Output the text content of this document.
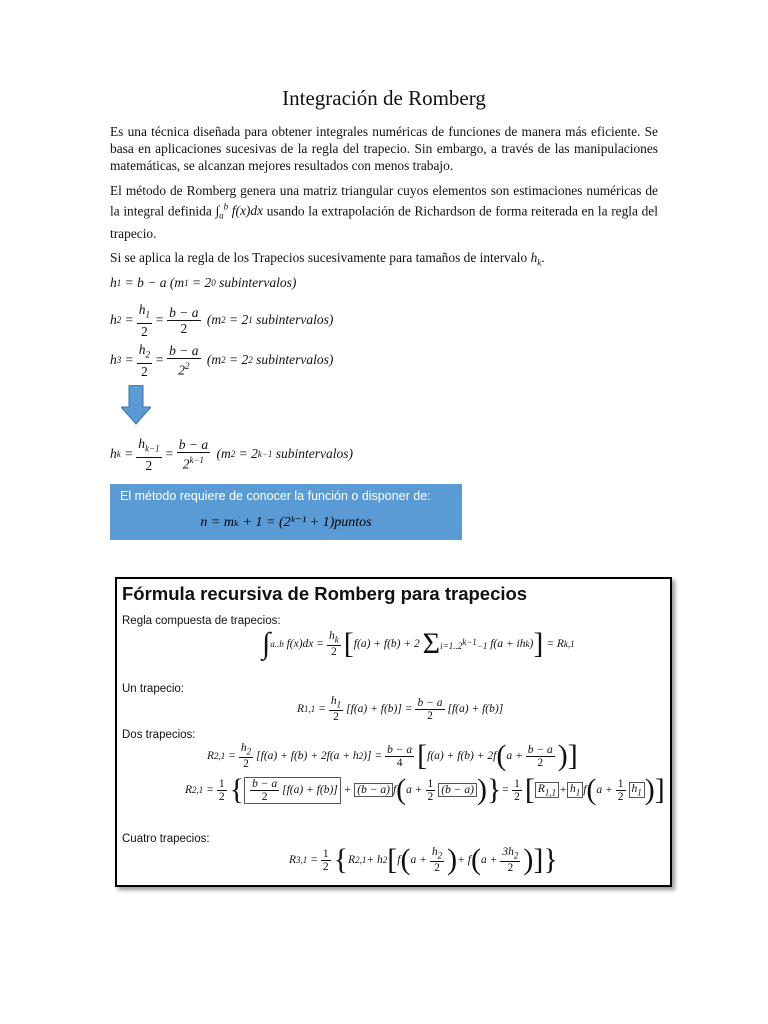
Integración de Romberg
Es una técnica diseñada para obtener integrales numéricas de funciones de manera más eficiente. Se basa en aplicaciones sucesivas de la regla del trapecio. Sin embargo, a través de las manipulaciones matemáticas, se alcanzan mejores resultados con menos trabajo.
El método de Romberg genera una matriz triangular cuyos elementos son estimaciones numéricas de la integral definida $\int_a^b$ f(x)dx usando la extrapolación de Richardson de forma reiterada en la regla del trapecio.
Si se aplica la regla de los Trapecios sucesivamente para tamaños de intervalo $h_k$.
h 1 = b − a (m 1 = 2 0 subintervalos)
h $2 = \frac{h_1}{2} = \frac{b - a}{2} (m$ 2 = 2 1 subintervalos)
h $3 = \frac{h_2}{2} = \frac{b - a}{2^2} (m$ 2 = 2 2 subintervalos)
h $k = \frac{h_{k-1}}{2} = \frac{b - a}{2^{k-1}} (m$ 2 = 2 k−1 subintervalos)
El método requiere de conocer la función o disponer de:
n = mₖ + 1 = (2ᵏ⁻¹ + 1)puntos
Fórmula recursiva de Romberg para trapecios
Regla compuesta de trapecios:
∫ a..b $f(x)dx = \frac{h_k}{2}$ [ f(a) + f(b) + 2 Σ $i=1..2^{k-1}-1$ f(a + ih k ) ] = R k,1
Un trapecio:
R $1,1 = \frac{h_1}{2} [f(a) + f(b)] = \frac{b - a}{2} [f(a) + f(b)]$
Dos trapecios:
R $2,1 = \frac{h_2}{2} [f(a) + f(b) + 2f(a + h$ 2 )] = $\frac{b - a}{4}$ [ f(a) + f(b) + 2f ( $a + \frac{b - a}{2}$ ) ]
R $2,1 = \frac{1}{2}$ { $\frac{b - a}{2} [f(a) + f(b)] + (b - a)$ f ( $a + \frac{1}{2} (b - a)$ ) } = $\frac{1}{2}$ [ $R_{1,1} + h_1$ f ( $a + \frac{1}{2} h_1$ ) ]
Cuatro trapecios:
R $3,1 = \frac{1}{2}$ { R 2,1 + h 2 [ f ( $a + \frac{h_2}{2}$ ) + f ( $a + \frac{3h_2}{2}$ ) ] }
